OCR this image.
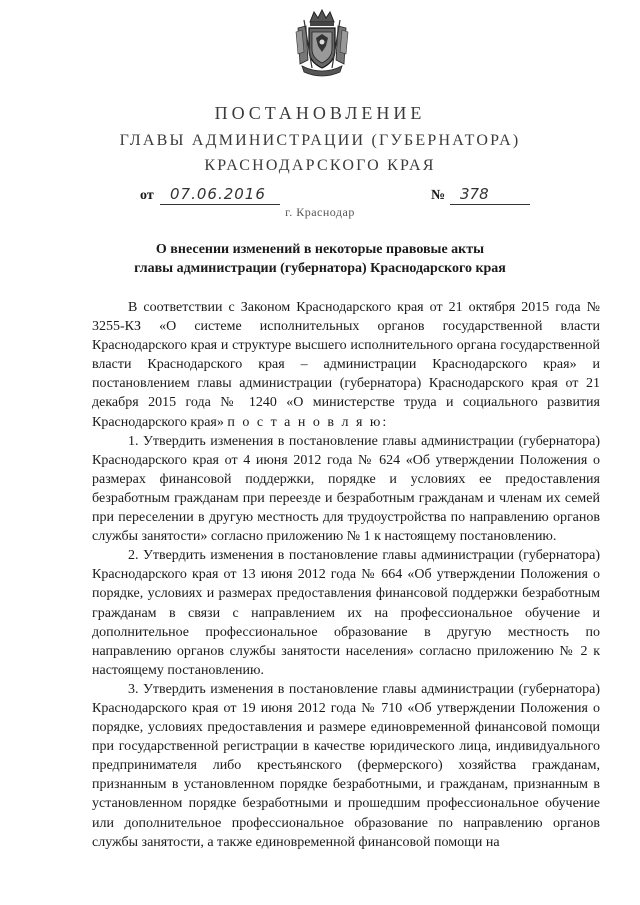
ПОСТАНОВЛЕНИЕ
ГЛАВЫ АДМИНИСТРАЦИИ (ГУБЕРНАТОРА)
КРАСНОДАРСКОГО КРАЯ
от 07.06.2016	№ 378
г. Краснодар
О внесении изменений в некоторые правовые акты
главы администрации (губернатора) Краснодарского края

В соответствии с Законом Краснодарского края от 21 октября 2015 года № 3255-КЗ «О системе исполнительных органов государственной власти Краснодарского края и структуре высшего исполнительного органа государственной власти Краснодарского края – администрации Краснодарского края» и постановлением главы администрации (губернатора) Краснодарского края от 21 декабря 2015 года № 1240 «О министерстве труда и социального развития Краснодарского края» п о с т а н о в л я ю:

1. Утвердить изменения в постановление главы администрации (губернатора) Краснодарского края от 4 июня 2012 года № 624 «Об утверждении Положения о размерах финансовой поддержки, порядке и условиях ее предоставления безработным гражданам при переезде и безработным гражданам и членам их семей при переселении в другую местность для трудоустройства по направлению органов службы занятости» согласно приложению № 1 к настоящему постановлению.

2. Утвердить изменения в постановление главы администрации (губернатора) Краснодарского края от 13 июня 2012 года № 664 «Об утверждении Положения о порядке, условиях и размерах предоставления финансовой поддержки безработным гражданам в связи с направлением их на профессиональное обучение и дополнительное профессиональное образование в другую местность по направлению органов службы занятости населения» согласно приложению № 2 к настоящему постановлению.

3. Утвердить изменения в постановление главы администрации (губернатора) Краснодарского края от 19 июня 2012 года № 710 «Об утверждении Положения о порядке, условиях предоставления и размере единовременной финансовой помощи при государственной регистрации в качестве юридического лица, индивидуального предпринимателя либо крестьянского (фермерского) хозяйства гражданам, признанным в установленном порядке безработными, и гражданам, признанным в установленном порядке безработными и прошедшим профессиональное обучение или дополнительное профессиональное образование по направлению органов службы занятости, а также единовременной финансовой помощи на
